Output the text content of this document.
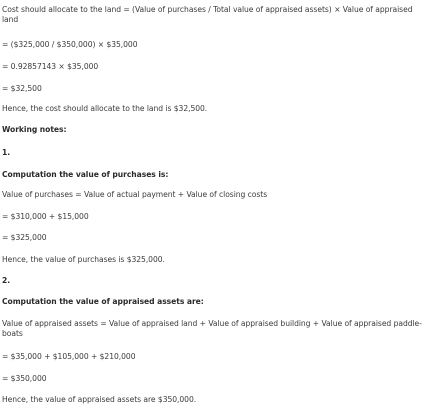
Cost should allocate to the land = (Value of purchases / Total value of appraised assets) × Value of appraised land
= ($325,000 / $350,000) × $35,000
= 0.92857143 × $35,000
= $32,500
Hence, the cost should allocate to the land is $32,500.
Working notes:
1.
Computation the value of purchases is:
Value of purchases = Value of actual payment + Value of closing costs
= $310,000 + $15,000
= $325,000
Hence, the value of purchases is $325,000.
2.
Computation the value of appraised assets are:
Value of appraised assets = Value of appraised land + Value of appraised building + Value of appraised paddle-boats
= $35,000 + $105,000 + $210,000
= $350,000
Hence, the value of appraised assets are $350,000.
